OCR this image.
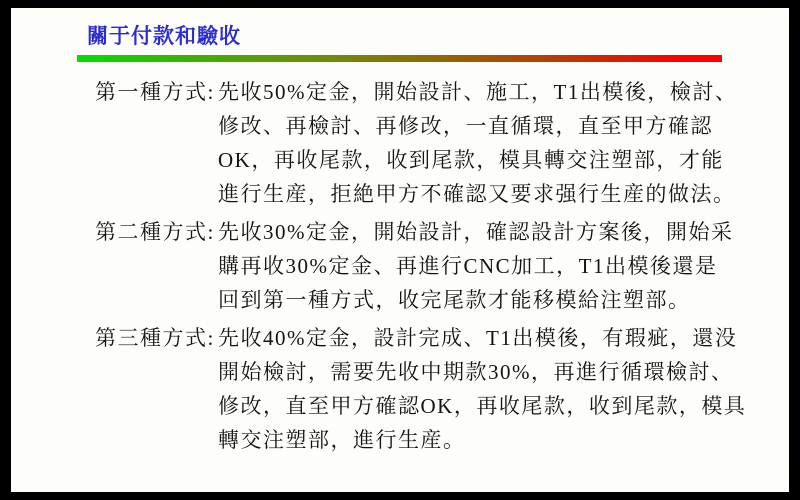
關于付款和驗收
第一種方式: 先收50%定金，開始設計、施工，T1出模後，檢討、
修改、再檢討、再修改，一直循環，直至甲方確認
OK，再收尾款，收到尾款，模具轉交注塑部，才能
進行生産，拒絶甲方不確認又要求强行生産的做法。
第二種方式: 先收30%定金，開始設計，確認設計方案後，開始采
購再收30%定金、再進行CNC加工，T1出模後還是
回到第一種方式，收完尾款才能移模給注塑部。
第三種方式: 先收40%定金，設計完成、T1出模後，有瑕疵，還没
開始檢討，需要先收中期款30%，再進行循環檢討、
修改，直至甲方確認OK，再收尾款，收到尾款，模具
轉交注塑部，進行生産。
